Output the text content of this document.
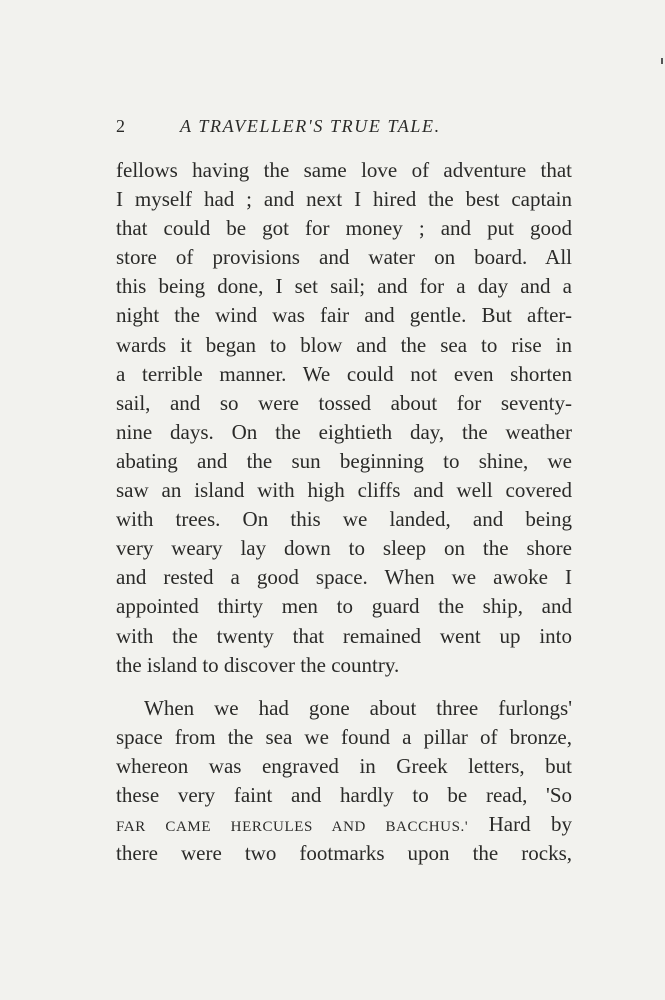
2	A TRAVELLER'S TRUE TALE.
fellows having the same love of adventure that
I myself had ; and next I hired the best captain
that could be got for money ; and put good
store of provisions and water on board. All
this being done, I set sail; and for a day and a
night the wind was fair and gentle. But after-
wards it began to blow and the sea to rise in
a terrible manner. We could not even shorten
sail, and so were tossed about for seventy-
nine days. On the eightieth day, the weather
abating and the sun beginning to shine, we
saw an island with high cliffs and well covered
with trees. On this we landed, and being
very weary lay down to sleep on the shore
and rested a good space. When we awoke I
appointed thirty men to guard the ship, and
with the twenty that remained went up into
the island to discover the country.
When we had gone about three furlongs'
space from the sea we found a pillar of bronze,
whereon was engraved in Greek letters, but
these very faint and hardly to be read, 'So
FAR CAME HERCULES AND BACCHUS.' Hard by
there were two footmarks upon the rocks,
